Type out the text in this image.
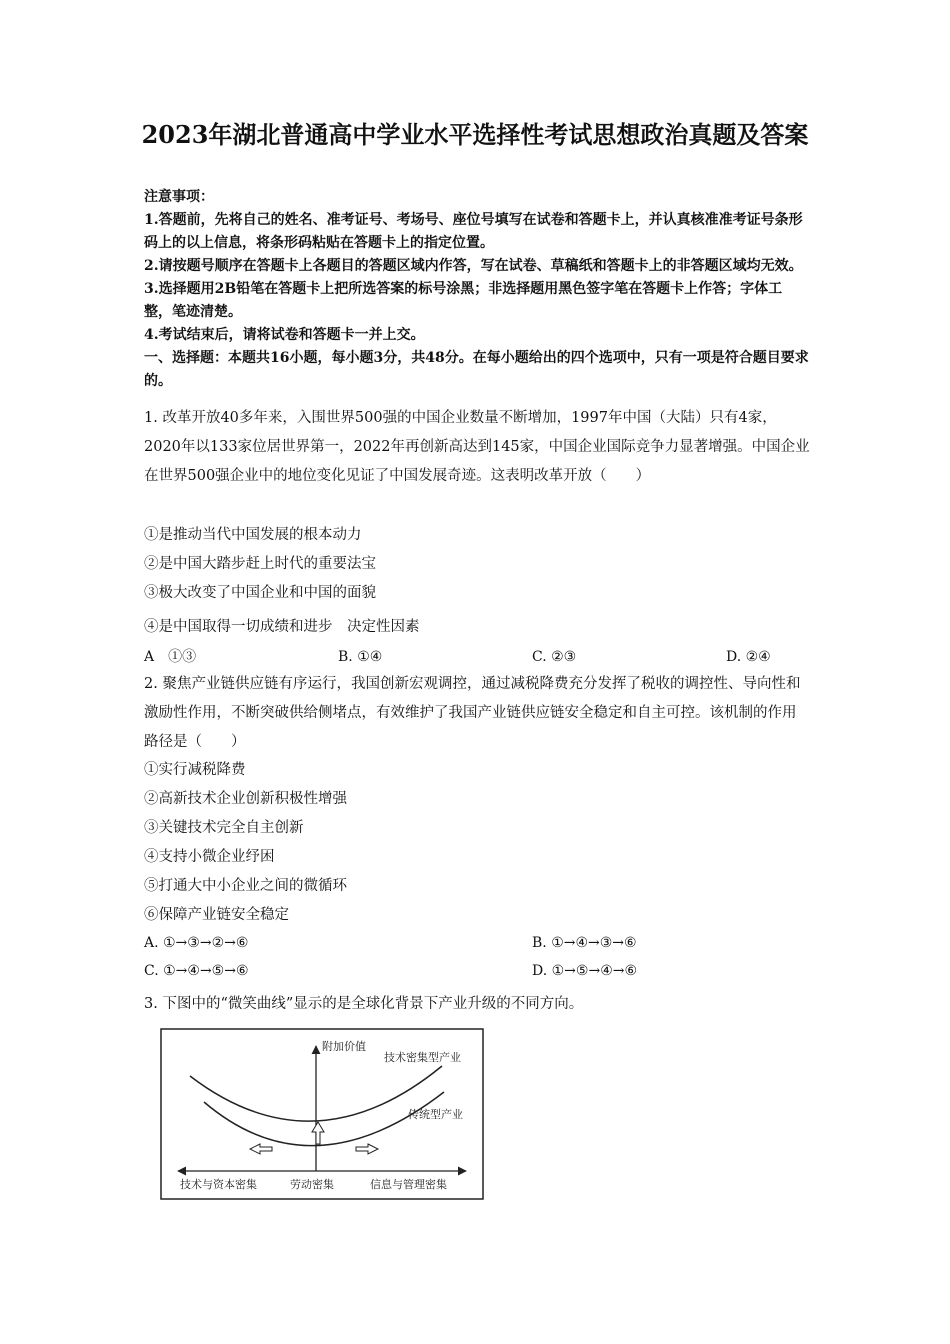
2023年湖北普通高中学业水平选择性考试思想政治真题及答案
注意事项：
1.答题前，先将自己的姓名、准考证号、考场号、座位号填写在试卷和答题卡上，并认真核准准考证号条形码上的以上信息，将条形码粘贴在答题卡上的指定位置。
2.请按题号顺序在答题卡上各题目的答题区域内作答，写在试卷、草稿纸和答题卡上的非答题区域均无效。
3.选择题用2B铅笔在答题卡上把所选答案的标号涂黑；非选择题用黑色签字笔在答题卡上作答；字体工整，笔迹清楚。
4.考试结束后，请将试卷和答题卡一并上交。
一、选择题：本题共16小题，每小题3分，共48分。在每小题给出的四个选项中，只有一项是符合题目要求的。
1. 改革开放40多年来，入围世界500强的中国企业数量不断增加，1997年中国（大陆）只有4家，2020年以133家位居世界第一，2022年再创新高达到145家，中国企业国际竞争力显著增强。中国企业在世界500强企业中的地位变化见证了中国发展奇迹。这表明改革开放（　　）
①是推动当代中国发展的根本动力
②是中国大踏步赶上时代的重要法宝
③极大改变了中国企业和中国的面貌
④是中国取得一切成绩和进步　决定性因素
A　①③	B. ①④	C. ②③	D. ②④
2. 聚焦产业链供应链有序运行，我国创新宏观调控，通过减税降费充分发挥了税收的调控性、导向性和激励性作用，不断突破供给侧堵点，有效维护了我国产业链供应链安全稳定和自主可控。该机制的作用路径是（　　）
①实行减税降费
②高新技术企业创新积极性增强
③关键技术完全自主创新
④支持小微企业纾困
⑤打通大中小企业之间的微循环
⑥保障产业链安全稳定
A. ①→③→②→⑥	B. ①→④→③→⑥
C. ①→④→⑤→⑥	D. ①→⑤→④→⑥
3. 下图中的“微笑曲线”显示的是全球化背景下产业升级的不同方向。
附加价值
技术密集型产业
传统型产业
技术与资本密集	劳动密集	信息与管理密集
